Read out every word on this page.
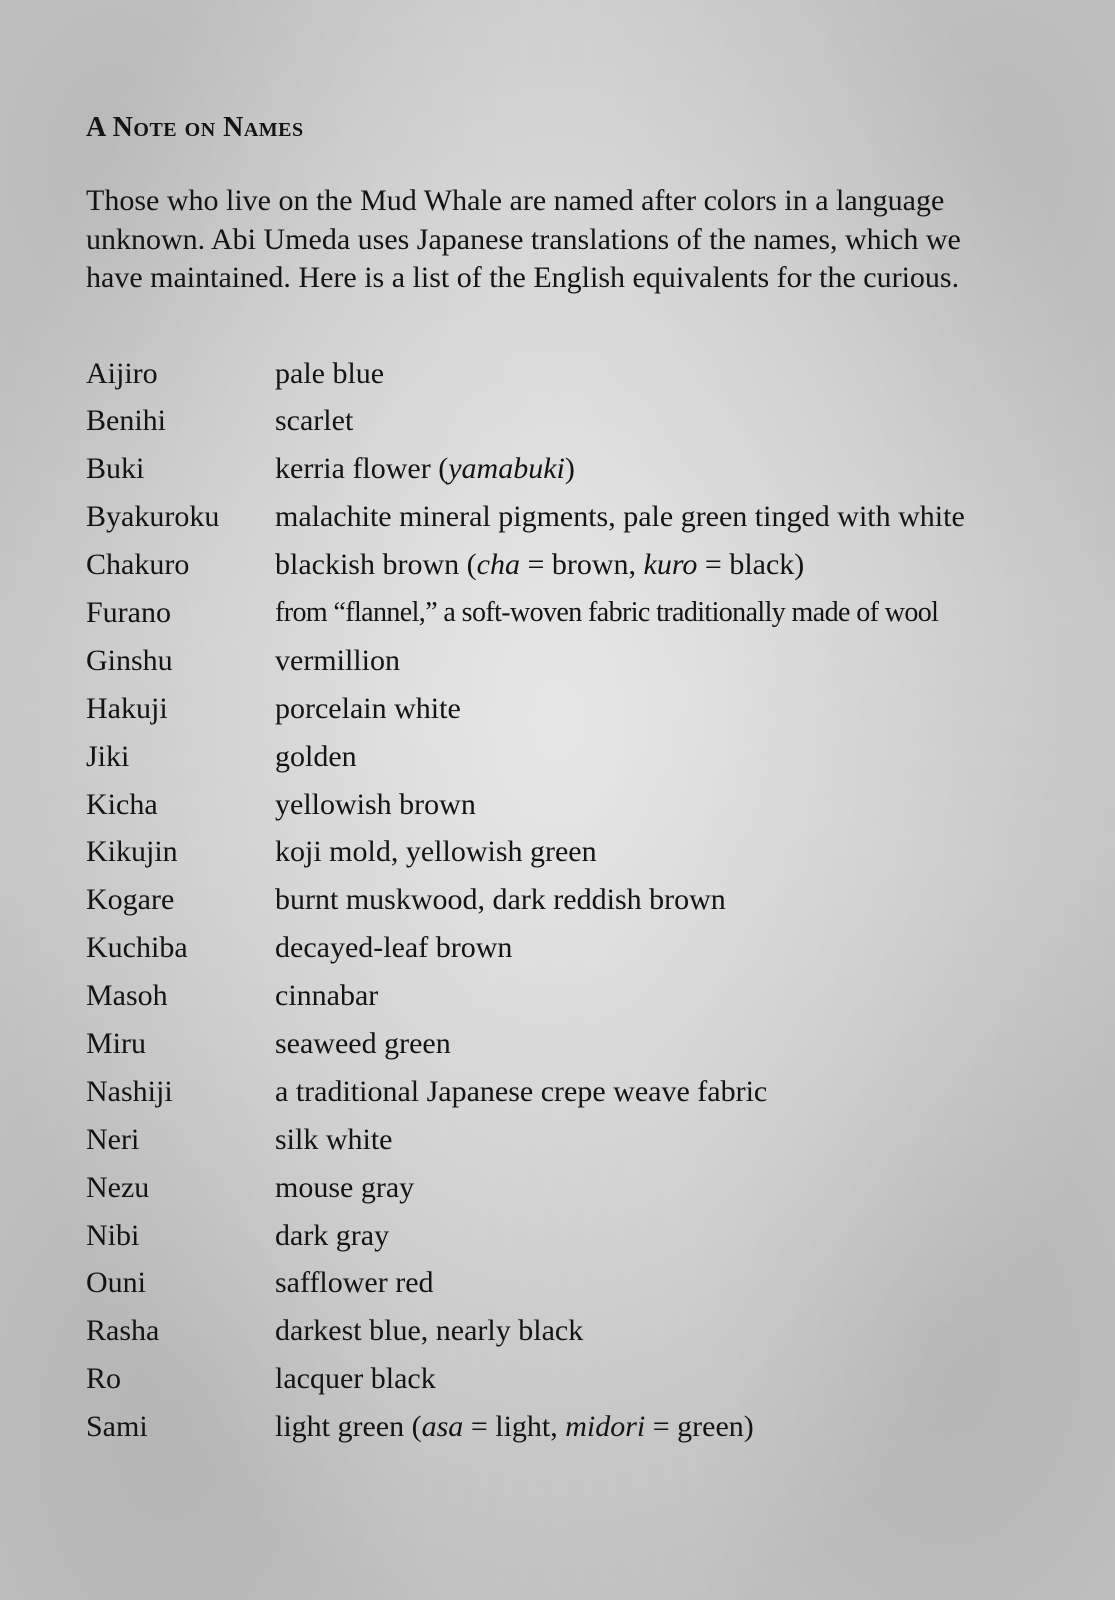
A Note on Names

Those who live on the Mud Whale are named after colors in a language unknown. Abi Umeda uses Japanese translations of the names, which we have maintained. Here is a list of the English equivalents for the curious.

Aijiro	pale blue
Benihi	scarlet
Buki	kerria flower (yamabuki)
Byakuroku	malachite mineral pigments, pale green tinged with white
Chakuro	blackish brown (cha = brown, kuro = black)
Furano	from “flannel,” a soft-woven fabric traditionally made of wool
Ginshu	vermillion
Hakuji	porcelain white
Jiki	golden
Kicha	yellowish brown
Kikujin	koji mold, yellowish green
Kogare	burnt muskwood, dark reddish brown
Kuchiba	decayed-leaf brown
Masoh	cinnabar
Miru	seaweed green
Nashiji	a traditional Japanese crepe weave fabric
Neri	silk white
Nezu	mouse gray
Nibi	dark gray
Ouni	safflower red
Rasha	darkest blue, nearly black
Ro	lacquer black
Sami	light green (asa = light, midori = green)
